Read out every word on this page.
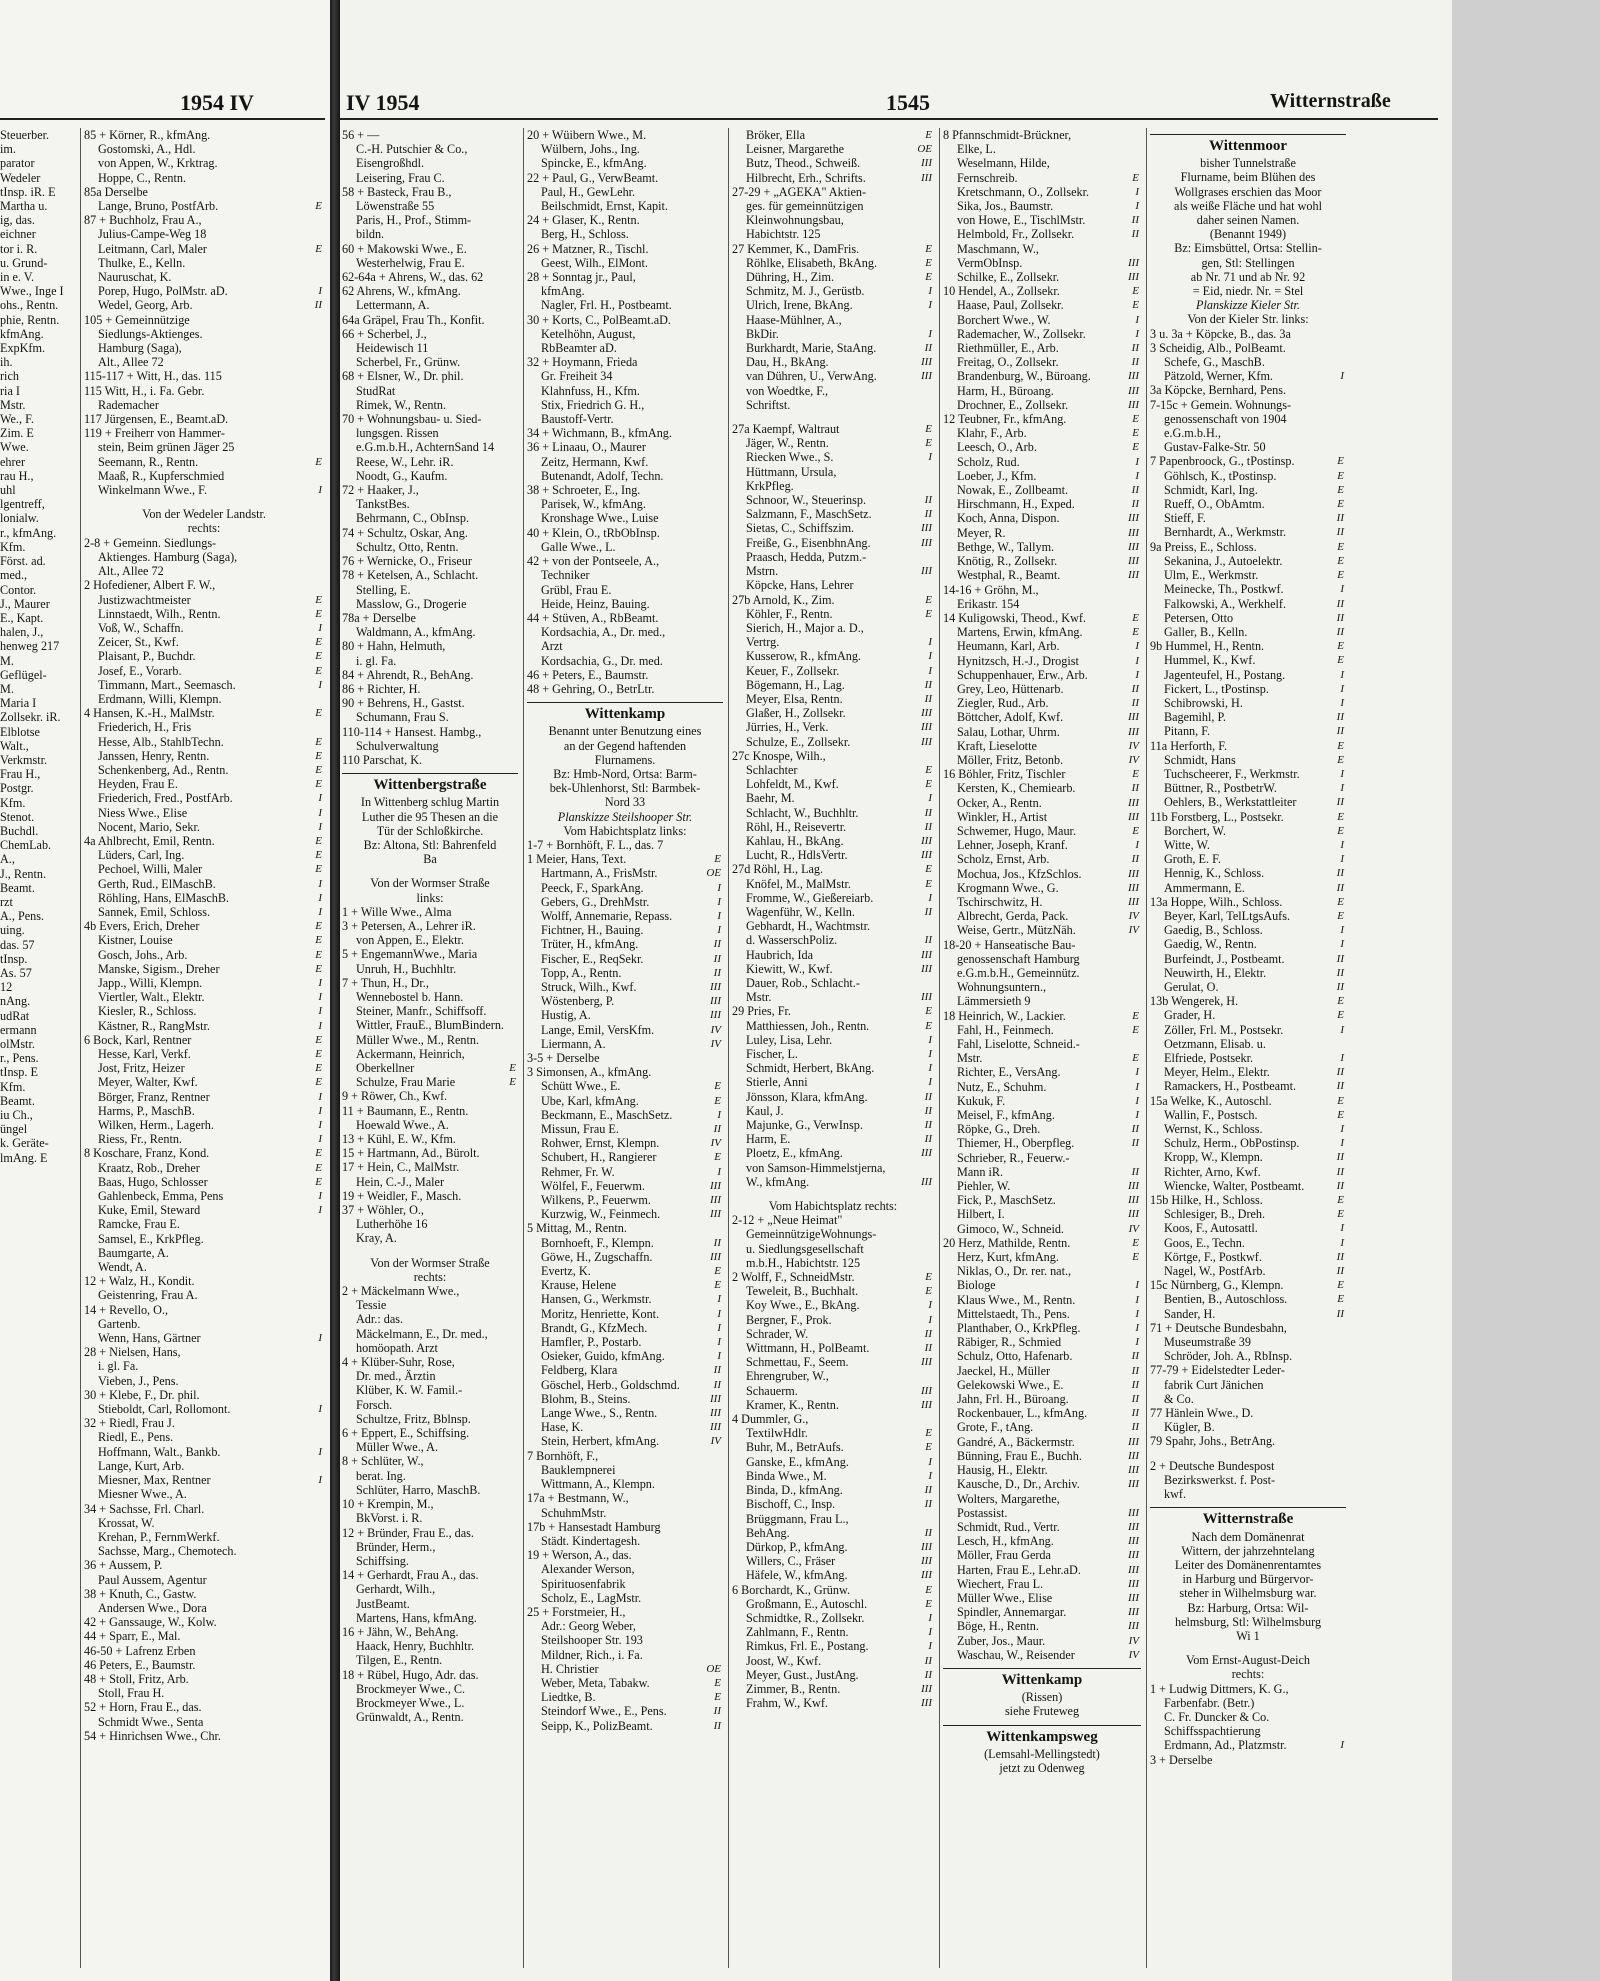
1954 IV
Steuerber.
im.
parator
Wedeler
tInsp. iR. E
Martha u.
ig, das.
eichner
tor i. R.
u. Grund-
in e. V.
Wwe., Inge I
ohs., Rentn.
phie, Rentn.
kfmAng.
ExpKfm.
ih.
rich
ria I
Mstr.
We., F.
Zim. E
Wwe.
ehrer
rau H.,
uhl
lgentreff,
lonialw.
r., kfmAng.
Kfm.
Först. ad.
med.,
Contor.
J., Maurer
E., Kapt.
halen, J.,
henweg 217
M.
Geflügel-
M.
Maria I
Zollsekr. iR.
Elblotse
Walt.,
Verkmstr.
Frau H.,
Postgr.
Kfm.
Stenot.
Buchdl.
ChemLab.
A.,
J., Rentn.
Beamt.
rzt
A., Pens.
uing.
das. 57
tInsp.
As. 57
12
nAng.
udRat
ermann
olMstr.
r., Pens.
tInsp. E
Kfm.
Beamt.
iu Ch.,
üngel
k. Geräte-
lmAng. E
85 + Körner, R., kfmAng.
Gostomski, A., Hdl.
von Appen, W., Krktrag.
Hoppe, C., Rentn.
85a Derselbe
E
Lange, Bruno, PostfArb.
87 + Buchholz, Frau A.,
Julius-Campe-Weg 18
E
Leitmann, Carl, Maler
Thulke, E., Kelln.
Nauruschat, K.
I
Porep, Hugo, PolMstr. aD.
II
Wedel, Georg, Arb.
105 + Gemeinnützige
Siedlungs-Aktienges.
Hamburg (Saga),
Alt., Allee 72
115-117 + Witt, H., das. 115
115 Witt, H., i. Fa. Gebr.
Rademacher
117 Jürgensen, E., Beamt.aD.
119 + Freiherr von Hammer-
stein, Beim grünen Jäger 25
E
Seemann, R., Rentn.
Maaß, R., Kupferschmied
I
Winkelmann Wwe., F.
Von der Wedeler Landstr.
rechts:
2-8 + Gemeinn. Siedlungs-
Aktienges. Hamburg (Saga),
Alt., Allee 72
2 Hofediener, Albert F. W.,
E
Justizwachtmeister
E
Linnstaedt, Wilh., Rentn.
I
Voß, W., Schaffn.
E
Zeicer, St., Kwf.
E
Plaisant, P., Buchdr.
E
Josef, E., Vorarb.
I
Timmann, Mart., Seemasch.
Erdmann, Willi, Klempn.
E
4 Hansen, K.-H., MalMstr.
Friederich, H., Fris
E
Hesse, Alb., StahlbTechn.
E
Janssen, Henry, Rentn.
E
Schenkenberg, Ad., Rentn.
E
Heyden, Frau E.
I
Friederich, Fred., PostfArb.
I
Niess Wwe., Elise
I
Nocent, Mario, Sekr.
E
4a Ahlbrecht, Emil, Rentn.
E
Lüders, Carl, Ing.
E
Pechoel, Willi, Maler
I
Gerth, Rud., ElMaschB.
I
Röhling, Hans, ElMaschB.
I
Sannek, Emil, Schloss.
E
4b Evers, Erich, Dreher
E
Kistner, Louise
E
Gosch, Johs., Arb.
E
Manske, Sigism., Dreher
I
Japp., Willi, Klempn.
I
Viertler, Walt., Elektr.
I
Kiesler, R., Schloss.
I
Kästner, R., RangMstr.
E
6 Bock, Karl, Rentner
E
Hesse, Karl, Verkf.
E
Jost, Fritz, Heizer
E
Meyer, Walter, Kwf.
I
Börger, Franz, Rentner
I
Harms, P., MaschB.
I
Wilken, Herm., Lagerh.
I
Riess, Fr., Rentn.
E
8 Koschare, Franz, Kond.
E
Kraatz, Rob., Dreher
E
Baas, Hugo, Schlosser
I
Gahlenbeck, Emma, Pens
I
Kuke, Emil, Steward
Ramcke, Frau E.
Samsel, E., KrkPfleg.
Baumgarte, A.
Wendt, A.
12 + Walz, H., Kondit.
Geistenring, Frau A.
14 + Revello, O.,
Gartenb.
I
Wenn, Hans, Gärtner
28 + Nielsen, Hans,
i. gl. Fa.
Vieben, J., Pens.
30 + Klebe, F., Dr. phil.
I
Stieboldt, Carl, Rollomont.
32 + Riedl, Frau J.
Riedl, E., Pens.
I
Hoffmann, Walt., Bankb.
Lange, Kurt, Arb.
I
Miesner, Max, Rentner
Miesner Wwe., A.
34 + Sachsse, Frl. Charl.
Krossat, W.
Krehan, P., FernmWerkf.
Sachsse, Marg., Chemotech.
36 + Aussem, P.
Paul Aussem, Agentur
38 + Knuth, C., Gastw.
Andersen Wwe., Dora
42 + Ganssauge, W., Kolw.
44 + Sparr, E., Mal.
46-50 + Lafrenz Erben
46 Peters, E., Baumstr.
48 + Stoll, Fritz, Arb.
Stoll, Frau H.
52 + Horn, Frau E., das.
Schmidt Wwe., Senta
54 + Hinrichsen Wwe., Chr.
IV 1954	1545	Witternstraße
56 + —
C.-H. Putschier & Co.,
Eisengroßhdl.
Leisering, Frau C.
58 + Basteck, Frau B.,
Löwenstraße 55
Paris, H., Prof., Stimm-
bildn.
60 + Makowski Wwe., E.
Westerhelwig, Frau E.
62-64a + Ahrens, W., das. 62
62 Ahrens, W., kfmAng.
Lettermann, A.
64a Gräpel, Frau Th., Konfit.
66 + Scherbel, J.,
Heidewisch 11
Scherbel, Fr., Grünw.
68 + Elsner, W., Dr. phil.
StudRat
Rimek, W., Rentn.
70 + Wohnungsbau- u. Sied-
lungsgen. Rissen
e.G.m.b.H., AchternSand 14
Reese, W., Lehr. iR.
Noodt, G., Kaufm.
72 + Haaker, J.,
TankstBes.
Behrmann, C., ObInsp.
74 + Schultz, Oskar, Ang.
Schultz, Otto, Rentn.
76 + Wernicke, O., Friseur
78 + Ketelsen, A., Schlacht.
Stelling, E.
Masslow, G., Drogerie
78a + Derselbe
Waldmann, A., kfmAng.
80 + Hahn, Helmuth,
i. gl. Fa.
84 + Ahrendt, R., BehAng.
86 + Richter, H.
90 + Behrens, H., Gastst.
Schumann, Frau S.
110-114 + Hansest. Hambg.,
Schulverwaltung
110 Parschat, K.
Wittenbergstraße
In Wittenberg schlug Martin
Luther die 95 Thesen an die
Tür der Schloßkirche.
Bz: Altona, Stl: Bahrenfeld
Ba
Von der Wormser Straße
links:
1 + Wille Wwe., Alma
3 + Petersen, A., Lehrer iR.
von Appen, E., Elektr.
5 + EngemannWwe., Maria
Unruh, H., Buchhltr.
7 + Thun, H., Dr.,
Wennebostel b. Hann.
Steiner, Manfr., Schiffsoff.
Wittler, FrauE., BlumBindern.
Müller Wwe., M., Rentn.
Ackermann, Heinrich,
E
Oberkellner
E
Schulze, Frau Marie
9 + Röwer, Ch., Kwf.
11 + Baumann, E., Rentn.
Hoewald Wwe., A.
13 + Kühl, E. W., Kfm.
15 + Hartmann, Ad., Bürolt.
17 + Hein, C., MalMstr.
Hein, C.-J., Maler
19 + Weidler, F., Masch.
37 + Wöhler, O.,
Lutherhöhe 16
Kray, A.
Von der Wormser Straße
rechts:
2 + Mäckelmann Wwe.,
Tessie
Adr.: das.
Mäckelmann, E., Dr. med.,
homöopath. Arzt
4 + Klüber-Suhr, Rose,
Dr. med., Ärztin
Klüber, K. W. Famil.-
Forsch.
Schultze, Fritz, Bblnsp.
6 + Eppert, E., Schiffsing.
Müller Wwe., A.
8 + Schlüter, W.,
berat. Ing.
Schlüter, Harro, MaschB.
10 + Krempin, M.,
BkVorst. i. R.
12 + Bründer, Frau E., das.
Bründer, Herm.,
Schiffsing.
14 + Gerhardt, Frau A., das.
Gerhardt, Wilh.,
JustBeamt.
Martens, Hans, kfmAng.
16 + Jähn, W., BehAng.
Haack, Henry, Buchhltr.
Tilgen, E., Rentn.
18 + Rübel, Hugo, Adr. das.
Brockmeyer Wwe., C.
Brockmeyer Wwe., L.
Grünwaldt, A., Rentn.
20 + Wüibern Wwe., M.
Wülbern, Johs., Ing.
Spincke, E., kfmAng.
22 + Paul, G., VerwBeamt.
Paul, H., GewLehr.
Beilschmidt, Ernst, Kapit.
24 + Glaser, K., Rentn.
Berg, H., Schloss.
26 + Matzner, R., Tischl.
Geest, Wilh., ElMont.
28 + Sonntag jr., Paul,
kfmAng.
Nagler, Frl. H., Postbeamt.
30 + Korts, C., PolBeamt.aD.
Ketelhöhn, August,
RbBeamter aD.
32 + Hoymann, Frieda
Gr. Freiheit 34
Klahnfuss, H., Kfm.
Stix, Friedrich G. H.,
Baustoff-Vertr.
34 + Wichmann, B., kfmAng.
36 + Linaau, O., Maurer
Zeitz, Hermann, Kwf.
Butenandt, Adolf, Techn.
38 + Schroeter, E., Ing.
Parisek, W., kfmAng.
Kronshage Wwe., Luise
40 + Klein, O., tRbObInsp.
Galle Wwe., L.
42 + von der Pontseele, A.,
Techniker
Grübl, Frau E.
Heide, Heinz, Bauing.
44 + Stüven, A., RbBeamt.
Kordsachia, A., Dr. med.,
Arzt
Kordsachia, G., Dr. med.
46 + Peters, E., Baumstr.
48 + Gehring, O., BetrLtr.
Wittenkamp
Benannt unter Benutzung eines
an der Gegend haftenden
Flurnamens.
Bz: Hmb-Nord, Ortsa: Barm-
bek-Uhlenhorst, Stl: Barmbek-
Nord 33
Planskizze Steilshooper Str.
Vom Habichtsplatz links:
1-7 + Bornhöft, F. L., das. 7
E
1 Meier, Hans, Text.
OE
Hartmann, A., FrisMstr.
I
Peeck, F., SparkAng.
I
Gebers, G., DrehMstr.
I
Wolff, Annemarie, Repass.
I
Fichtner, H., Bauing.
II
Trüter, H., kfmAng.
II
Fischer, E., ReqSekr.
II
Topp, A., Rentn.
III
Struck, Wilh., Kwf.
III
Wöstenberg, P.
III
Hustig, A.
IV
Lange, Emil, VersKfm.
IV
Liermann, A.
3-5 + Derselbe
3 Simonsen, A., kfmAng.
E
Schütt Wwe., E.
E
Ube, Karl, kfmAng.
I
Beckmann, E., MaschSetz.
II
Missun, Frau E.
IV
Rohwer, Ernst, Klempn.
E
Schubert, H., Rangierer
I
Rehmer, Fr. W.
III
Wölfel, F., Feuerwm.
III
Wilkens, P., Feuerwm.
III
Kurzwig, W., Feinmech.
5 Mittag, M., Rentn.
II
Bornhoeft, F., Klempn.
III
Göwe, H., Zugschaffn.
E
Evertz, K.
E
Krause, Helene
I
Hansen, G., Werkmstr.
I
Moritz, Henriette, Kont.
I
Brandt, G., KfzMech.
I
Hamfler, P., Postarb.
I
Osieker, Guido, kfmAng.
II
Feldberg, Klara
II
Göschel, Herb., Goldschmd.
III
Blohm, B., Steins.
III
Lange Wwe., S., Rentn.
III
Hase, K.
IV
Stein, Herbert, kfmAng.
7 Bornhöft, F.,
Bauklempnerei
Wittmann, A., Klempn.
17a + Bestmann, W.,
SchuhmMstr.
17b + Hansestadt Hamburg
Städt. Kindertagesh.
19 + Werson, A., das.
Alexander Werson,
Spirituosenfabrik
Scholz, E., LagMstr.
25 + Forstmeier, H.,
Adr.: Georg Weber,
Steilshooper Str. 193
Mildner, Rich., i. Fa.
OE
H. Christier
E
Weber, Meta, Tabakw.
E
Liedtke, B.
II
Steindorf Wwe., E., Pens.
II
Seipp, K., PolizBeamt.
E
Bröker, Ella
OE
Leisner, Margarethe
III
Butz, Theod., Schweiß.
III
Hilbrecht, Erh., Schrifts.
27-29 + „AGEKA" Aktien-
ges. für gemeinnützigen
Kleinwohnungsbau,
Habichtstr. 125
E
27 Kemmer, K., DamFris.
E
Röhlke, Elisabeth, BkAng.
E
Dühring, H., Zim.
I
Schmitz, M. J., Gerüstb.
I
Ulrich, Irene, BkAng.
Haase-Mühlner, A.,
I
BkDir.
II
Burkhardt, Marie, StaAng.
III
Dau, H., BkAng.
III
van Dühren, U., VerwAng.
von Woedtke, F.,
Schriftst.
E
27a Kaempf, Waltraut
E
Jäger, W., Rentn.
I
Riecken Wwe., S.
Hüttmann, Ursula,
KrkPfleg.
II
Schnoor, W., Steuerinsp.
II
Salzmann, F., MaschSetz.
III
Sietas, C., Schiffszim.
III
Freiße, G., EisenbhnAng.
Praasch, Hedda, Putzm.-
III
Mstrn.
Köpcke, Hans, Lehrer
E
27b Arnold, K., Zim.
E
Köhler, F., Rentn.
Sierich, H., Major a. D.,
I
Vertrg.
I
Kusserow, R., kfmAng.
I
Keuer, F., Zollsekr.
II
Bögemann, H., Lag.
II
Meyer, Elsa, Rentn.
III
Glaßer, H., Zollsekr.
III
Jürries, H., Verk.
III
Schulze, E., Zollsekr.
27c Knospe, Wilh.,
E
Schlachter
E
Lohfeldt, M., Kwf.
I
Baehr, M.
II
Schlacht, W., Buchhltr.
II
Röhl, H., Reisevertr.
III
Kahlau, H., BkAng.
III
Lucht, R., HdlsVertr.
E
27d Röhl, H., Lag.
E
Knöfel, M., MalMstr.
I
Fromme, W., Gießereiarb.
II
Wagenführ, W., Kelln.
Gebhardt, H., Wachtmstr.
II
d. WasserschPoliz.
III
Haubrich, Ida
III
Kiewitt, W., Kwf.
Dauer, Rob., Schlacht.-
III
Mstr.
E
29 Pries, Fr.
E
Matthiessen, Joh., Rentn.
I
Luley, Lisa, Lehr.
I
Fischer, L.
I
Schmidt, Herbert, BkAng.
I
Stierle, Anni
II
Jönsson, Klara, kfmAng.
II
Kaul, J.
II
Majunke, G., VerwInsp.
II
Harm, E.
III
Ploetz, E., kfmAng.
von Samson-Himmelstjerna,
III
W., kfmAng.
Vom Habichtsplatz rechts:
2-12 + „Neue Heimat"
GemeinnützigeWohnungs-
u. Siedlungsgesellschaft
m.b.H., Habichtstr. 125
E
2 Wolff, F., SchneidMstr.
E
Teweleit, B., Buchhalt.
I
Koy Wwe., E., BkAng.
I
Bergner, F., Prok.
II
Schrader, W.
II
Wittmann, H., PolBeamt.
III
Schmettau, F., Seem.
Ehrengruber, W.,
III
Schauerm.
III
Kramer, K., Rentn.
4 Dummler, G.,
E
TextilwHdlr.
E
Buhr, M., BetrAufs.
I
Ganske, E., kfmAng.
I
Binda Wwe., M.
II
Binda, D., kfmAng.
II
Bischoff, C., Insp.
Brüggmann, Frau L.,
II
BehAng.
III
Dürkop, P., kfmAng.
III
Willers, C., Fräser
III
Häfele, W., kfmAng.
E
6 Borchardt, K., Grünw.
E
Großmann, E., Autoschl.
I
Schmidtke, R., Zollsekr.
I
Zahlmann, F., Rentn.
I
Rimkus, Frl. E., Postang.
II
Joost, W., Kwf.
II
Meyer, Gust., JustAng.
III
Zimmer, B., Rentn.
III
Frahm, W., Kwf.
8 Pfannschmidt-Brückner,
Elke, L.
Weselmann, Hilde,
E
Fernschreib.
I
Kretschmann, O., Zollsekr.
I
Sika, Jos., Baumstr.
II
von Howe, E., TischlMstr.
II
Helmbold, Fr., Zollsekr.
Maschmann, W.,
III
VermObInsp.
III
Schilke, E., Zollsekr.
E
10 Hendel, A., Zollsekr.
E
Haase, Paul, Zollsekr.
I
Borchert Wwe., W.
I
Rademacher, W., Zollsekr.
II
Riethmüller, E., Arb.
II
Freitag, O., Zollsekr.
III
Brandenburg, W., Büroang.
III
Harm, H., Büroang.
III
Drochner, E., Zollsekr.
E
12 Teubner, Fr., kfmAng.
E
Klahr, F., Arb.
E
Leesch, O., Arb.
I
Scholz, Rud.
I
Loeber, J., Kfm.
II
Nowak, E., Zollbeamt.
II
Hirschmann, H., Exped.
III
Koch, Anna, Dispon.
III
Meyer, R.
III
Bethge, W., Tallym.
III
Knötig, R., Zollsekr.
III
Westphal, R., Beamt.
14-16 + Gröhn, M.,
Erikastr. 154
E
14 Kuligowski, Theod., Kwf.
E
Martens, Erwin, kfmAng.
I
Heumann, Karl, Arb.
I
Hynitzsch, H.-J., Drogist
I
Schuppenhauer, Erw., Arb.
II
Grey, Leo, Hüttenarb.
II
Ziegler, Rud., Arb.
III
Böttcher, Adolf, Kwf.
III
Salau, Lothar, Uhrm.
IV
Kraft, Lieselotte
IV
Möller, Fritz, Betonb.
E
16 Böhler, Fritz, Tischler
II
Kersten, K., Chemiearb.
III
Ocker, A., Rentn.
III
Winkler, H., Artist
E
Schwemer, Hugo, Maur.
I
Lehner, Joseph, Kranf.
II
Scholz, Ernst, Arb.
III
Mochua, Jos., KfzSchlos.
III
Krogmann Wwe., G.
III
Tschirschwitz, H.
IV
Albrecht, Gerda, Pack.
IV
Weise, Gertr., MützNäh.
18-20 + Hanseatische Bau-
genossenschaft Hamburg
e.G.m.b.H., Gemeinnütz.
Wohnungsuntern.,
Lämmersieth 9
E
18 Heinrich, W., Lackier.
E
Fahl, H., Feinmech.
Fahl, Liselotte, Schneid.-
E
Mstr.
I
Richter, E., VersAng.
I
Nutz, E., Schuhm.
I
Kukuk, F.
I
Meisel, F., kfmAng.
II
Röpke, G., Dreh.
II
Thiemer, H., Oberpfleg.
Schrieber, R., Feuerw.-
II
Mann iR.
III
Piehler, W.
III
Fick, P., MaschSetz.
III
Hilbert, I.
IV
Gimoco, W., Schneid.
E
20 Herz, Mathilde, Rentn.
E
Herz, Kurt, kfmAng.
Niklas, O., Dr. rer. nat.,
I
Biologe
I
Klaus Wwe., M., Rentn.
I
Mittelstaedt, Th., Pens.
I
Planthaber, O., KrkPfleg.
I
Räbiger, R., Schmied
II
Schulz, Otto, Hafenarb.
II
Jaeckel, H., Müller
II
Gelekowski Wwe., E.
II
Jahn, Frl. H., Büroang.
II
Rockenbauer, L., kfmAng.
II
Grote, F., tAng.
III
Gandré, A., Bäckermstr.
III
Bünning, Frau E., Buchh.
III
Hausig, H., Elektr.
III
Kausche, D., Dr., Archiv.
Wolters, Margarethe,
III
Postassist.
III
Schmidt, Rud., Vertr.
III
Lesch, H., kfmAng.
III
Möller, Frau Gerda
III
Harten, Frau E., Lehr.aD.
III
Wiechert, Frau L.
III
Müller Wwe., Elise
III
Spindler, Annemargar.
III
Böge, H., Rentn.
IV
Zuber, Jos., Maur.
IV
Waschau, W., Reisender
Wittenkamp
(Rissen)
siehe Fruteweg
Wittenkampsweg
(Lemsahl-Mellingstedt)
jetzt zu Odenweg
Wittenmoor
bisher Tunnelstraße
Flurname, beim Blühen des
Wollgrases erschien das Moor
als weiße Fläche und hat wohl
daher seinen Namen.
(Benannt 1949)
Bz: Eimsbüttel, Ortsa: Stellin-
gen, Stl: Stellingen
ab Nr. 71 und ab Nr. 92
= Eid, niedr. Nr. = Stel
Planskizze Kieler Str.
Von der Kieler Str. links:
3 u. 3a + Köpcke, B., das. 3a
3 Scheidig, Alb., PolBeamt.
Schefe, G., MaschB.
I
Pätzold, Werner, Kfm.
3a Köpcke, Bernhard, Pens.
7-15c + Gemein. Wohnungs-
genossenschaft von 1904
e.G.m.b.H.,
Gustav-Falke-Str. 50
E
7 Papenbroock, G., tPostinsp.
E
Göhlsch, K., tPostinsp.
E
Schmidt, Karl, Ing.
E
Rueff, O., ObAmtm.
II
Stieff, F.
II
Bernhardt, A., Werkmstr.
E
9a Preiss, E., Schloss.
E
Sekanina, J., Autoelektr.
E
Ulm, E., Werkmstr.
I
Meinecke, Th., Postkwf.
II
Falkowski, A., Werkhelf.
II
Petersen, Otto
II
Galler, B., Kelln.
E
9b Hummel, H., Rentn.
E
Hummel, K., Kwf.
I
Jagenteufel, H., Postang.
I
Fickert, L., tPostinsp.
I
Schibrowski, H.
II
Bagemihl, P.
II
Pitann, F.
E
11a Herforth, F.
E
Schmidt, Hans
I
Tuchscheerer, F., Werkmstr.
I
Büttner, R., PostbetrW.
II
Oehlers, B., Werkstattleiter
E
11b Forstberg, L., Postsekr.
E
Borchert, W.
I
Witte, W.
I
Groth, E. F.
II
Hennig, K., Schloss.
II
Ammermann, E.
E
13a Hoppe, Wilh., Schloss.
E
Beyer, Karl, TelLtgsAufs.
I
Gaedig, B., Schloss.
I
Gaedig, W., Rentn.
II
Burfeindt, J., Postbeamt.
II
Neuwirth, H., Elektr.
II
Gerulat, O.
E
13b Wengerek, H.
E
Grader, H.
I
Zöller, Frl. M., Postsekr.
Oetzmann, Elisab. u.
I
Elfriede, Postsekr.
II
Meyer, Helm., Elektr.
II
Ramackers, H., Postbeamt.
E
15a Welke, K., Autoschl.
E
Wallin, F., Postsch.
I
Wernst, K., Schloss.
I
Schulz, Herm., ObPostinsp.
II
Kropp, W., Klempn.
II
Richter, Arno, Kwf.
II
Wiencke, Walter, Postbeamt.
E
15b Hilke, H., Schloss.
E
Schlesiger, B., Dreh.
I
Koos, F., Autosattl.
I
Goos, E., Techn.
II
Körtge, F., Postkwf.
II
Nagel, W., PostfArb.
E
15c Nürnberg, G., Klempn.
E
Bentien, B., Autoschloss.
II
Sander, H.
71 + Deutsche Bundesbahn,
Museumstraße 39
Schröder, Joh. A., RbInsp.
77-79 + Eidelstedter Leder-
fabrik Curt Jänichen
& Co.
77 Hänlein Wwe., D.
Kügler, B.
79 Spahr, Johs., BetrAng.
2 + Deutsche Bundespost
Bezirkswerkst. f. Post-
kwf.
Witternstraße
Nach dem Domänenrat
Wittern, der jahrzehntelang
Leiter des Domänenrentamtes
in Harburg und Bürgervor-
steher in Wilhelmsburg war.
Bz: Harburg, Ortsa: Wil-
helmsburg, Stl: Wilhelmsburg
Wi 1
Vom Ernst-August-Deich
rechts:
1 + Ludwig Dittmers, K. G.,
Farbenfabr. (Betr.)
C. Fr. Duncker & Co.
Schiffsspachtierung
I
Erdmann, Ad., Platzmstr.
3 + Derselbe
